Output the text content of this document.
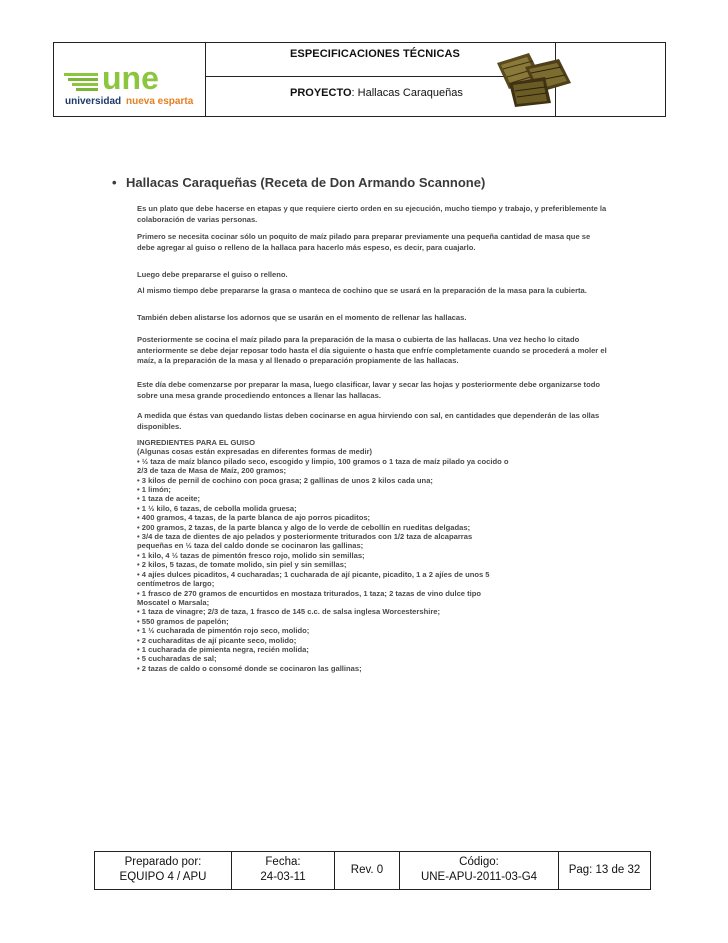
une
universidad nueva esparta
ESPECIFICACIONES TÉCNICAS
PROYECTO: Hallacas Caraqueñas
• Hallacas Caraqueñas (Receta de Don Armando Scannone)

Es un plato que debe hacerse en etapas y que requiere cierto orden en su ejecución, mucho tiempo y trabajo, y preferiblemente la colaboración de varias personas.

Primero se necesita cocinar sólo un poquito de maíz pilado para preparar previamente una pequeña cantidad de masa que se debe agregar al guiso o relleno de la hallaca para hacerlo más espeso, es decir, para cuajarlo.

Luego debe prepararse el guiso o relleno.

Al mismo tiempo debe prepararse la grasa o manteca de cochino que se usará en la preparación de la masa para la cubierta.

También deben alistarse los adornos que se usarán en el momento de rellenar las hallacas.

Posteriormente se cocina el maíz pilado para la preparación de la masa o cubierta de las hallacas. Una vez hecho lo citado anteriormente se debe dejar reposar todo hasta el día siguiente o hasta que enfríe completamente cuando se procederá a moler el maíz, a la preparación de la masa y al llenado o preparación propiamente de las hallacas.

Este día debe comenzarse por preparar la masa, luego clasificar, lavar y secar las hojas y posteriormente debe organizarse todo sobre una mesa grande procediendo entonces a llenar las hallacas.

A medida que éstas van quedando listas deben cocinarse en agua hirviendo con sal, en cantidades que dependerán de las ollas disponibles.

INGREDIENTES PARA EL GUISO
(Algunas cosas están expresadas en diferentes formas de medir)
• ½ taza de maíz blanco pilado seco, escogido y limpio, 100 gramos o 1 taza de maíz pilado ya cocido o
2/3 de taza de Masa de Maíz, 200 gramos;
• 3 kilos de pernil de cochino con poca grasa; 2 gallinas de unos 2 kilos cada una;
• 1 limón;
• 1 taza de aceite;
• 1 ½ kilo, 6 tazas, de cebolla molida gruesa;
• 400 gramos, 4 tazas, de la parte blanca de ajo porros picaditos;
• 200 gramos, 2 tazas, de la parte blanca y algo de lo verde de cebollín en rueditas delgadas;
• 3/4 de taza de dientes de ajo pelados y posteriormente triturados con 1/2 taza de alcaparras
pequeñas en ½ taza del caldo donde se cocinaron las gallinas;
• 1 kilo, 4 ½ tazas de pimentón fresco rojo, molido sin semillas;
• 2 kilos, 5 tazas, de tomate molido, sin piel y sin semillas;
• 4 ajíes dulces picaditos, 4 cucharadas; 1 cucharada de ají picante, picadito, 1 a 2 ajíes de unos 5
centímetros de largo;
• 1 frasco de 270 gramos de encurtidos en mostaza triturados, 1 taza; 2 tazas de vino dulce tipo
Moscatel o Marsala;
• 1 taza de vinagre; 2/3 de taza, 1 frasco de 145 c.c. de salsa inglesa Worcestershire;
• 550 gramos de papelón;
• 1 ½ cucharada de pimentón rojo seco, molido;
• 2 cucharaditas de ají picante seco, molido;
• 1 cucharada de pimienta negra, recién molida;
• 5 cucharadas de sal;
• 2 tazas de caldo o consomé donde se cocinaron las gallinas;
Preparado por:
EQUIPO 4 / APU
Fecha:
24-03-11
Rev. 0
Código:
UNE-APU-2011-03-G4
Pag: 13 de 32
